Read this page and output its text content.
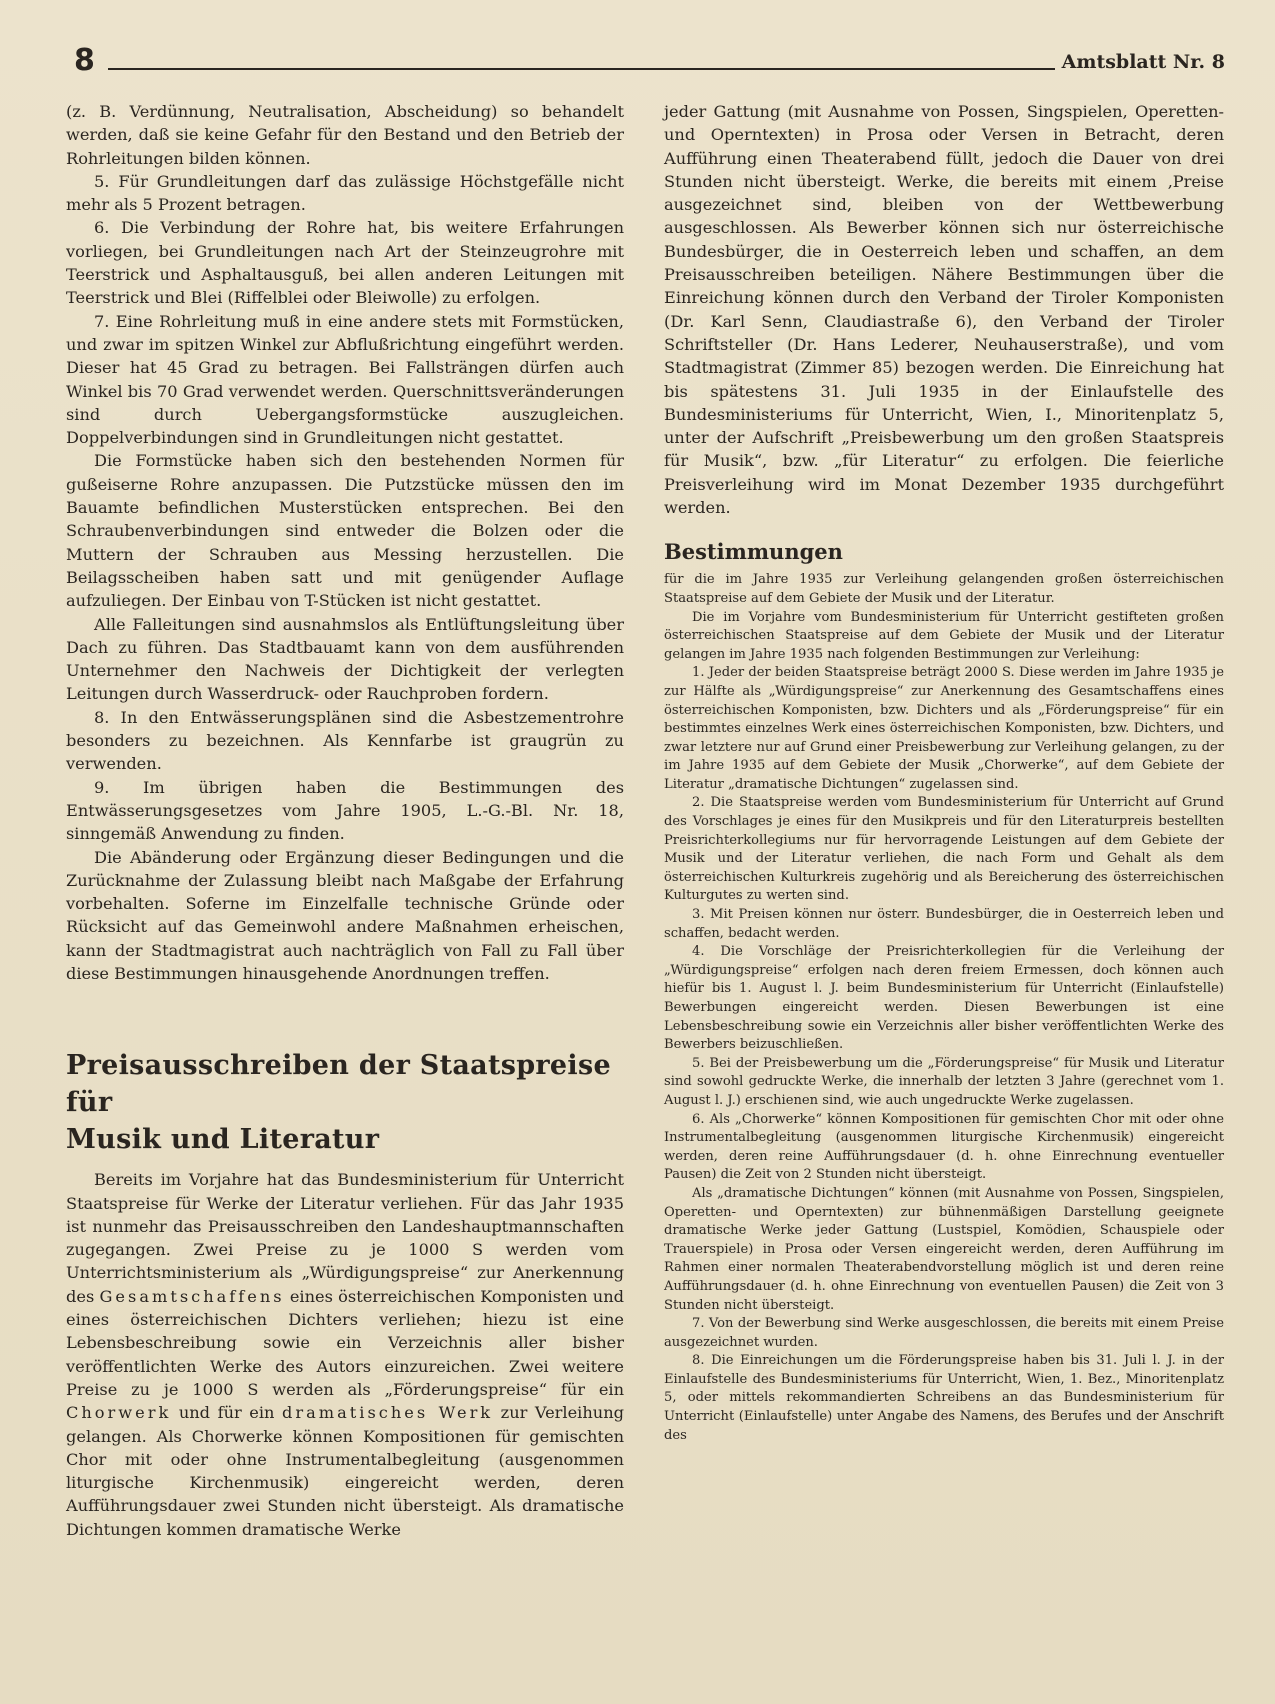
8	Amtsblatt Nr. 8

(z. B. Verdünnung, Neutralisation, Abscheidung) so behandelt werden, daß sie keine Gefahr für den Bestand und den Betrieb der Rohrleitungen bilden können.

5. Für Grundleitungen darf das zulässige Höchstgefälle nicht mehr als 5 Prozent betragen.

6. Die Verbindung der Rohre hat, bis weitere Erfahrungen vorliegen, bei Grundleitungen nach Art der Steinzeugrohre mit Teerstrick und Asphaltausguß, bei allen anderen Leitungen mit Teerstrick und Blei (Riffelblei oder Bleiwolle) zu erfolgen.

7. Eine Rohrleitung muß in eine andere stets mit Formstücken, und zwar im spitzen Winkel zur Abflußrichtung eingeführt werden. Dieser hat 45 Grad zu betragen. Bei Fallsträngen dürfen auch Winkel bis 70 Grad verwendet werden. Querschnittsveränderungen sind durch Uebergangsformstücke auszugleichen. Doppelverbindungen sind in Grundleitungen nicht gestattet.

Die Formstücke haben sich den bestehenden Normen für gußeiserne Rohre anzupassen. Die Putzstücke müssen den im Bauamte befindlichen Musterstücken entsprechen. Bei den Schraubenverbindungen sind entweder die Bolzen oder die Muttern der Schrauben aus Messing herzustellen. Die Beilagsscheiben haben satt und mit genügender Auflage aufzuliegen. Der Einbau von T-Stücken ist nicht gestattet.

Alle Falleitungen sind ausnahmslos als Entlüftungsleitung über Dach zu führen. Das Stadtbauamt kann von dem ausführenden Unternehmer den Nachweis der Dichtigkeit der verlegten Leitungen durch Wasserdruck- oder Rauchproben fordern.

8. In den Entwässerungsplänen sind die Asbestzementrohre besonders zu bezeichnen. Als Kennfarbe ist graugrün zu verwenden.

9. Im übrigen haben die Bestimmungen des Entwässerungsgesetzes vom Jahre 1905, L.-G.-Bl. Nr. 18, sinngemäß Anwendung zu finden.

Die Abänderung oder Ergänzung dieser Bedingungen und die Zurücknahme der Zulassung bleibt nach Maßgabe der Erfahrung vorbehalten. Soferne im Einzelfalle technische Gründe oder Rücksicht auf das Gemeinwohl andere Maßnahmen erheischen, kann der Stadtmagistrat auch nachträglich von Fall zu Fall über diese Bestimmungen hinausgehende Anordnungen treffen.

Preisausschreiben der Staatspreise für
Musik und Literatur

Bereits im Vorjahre hat das Bundesministerium für Unterricht Staatspreise für Werke der Literatur verliehen. Für das Jahr 1935 ist nunmehr das Preisausschreiben den Landeshauptmannschaften zugegangen. Zwei Preise zu je 1000 S werden vom Unterrichtsministerium als „Würdigungspreise“ zur Anerkennung des Gesamtschaffens eines österreichischen Komponisten und eines österreichischen Dichters verliehen; hiezu ist eine Lebensbeschreibung sowie ein Verzeichnis aller bisher veröffentlichten Werke des Autors einzureichen. Zwei weitere Preise zu je 1000 S werden als „Förderungspreise“ für ein Chorwerk und für ein dramatisches Werk zur Verleihung gelangen. Als Chorwerke können Kompositionen für gemischten Chor mit oder ohne Instrumentalbegleitung (ausgenommen liturgische Kirchenmusik) eingereicht werden, deren Aufführungsdauer zwei Stunden nicht übersteigt. Als dramatische Dichtungen kommen dramatische Werke

jeder Gattung (mit Ausnahme von Possen, Singspielen, Operetten- und Operntexten) in Prosa oder Versen in Betracht, deren Aufführung einen Theaterabend füllt, jedoch die Dauer von drei Stunden nicht übersteigt. Werke, die bereits mit einem ‚Preise ausgezeichnet sind, bleiben von der Wettbewerbung ausgeschlossen. Als Bewerber können sich nur österreichische Bundesbürger, die in Oesterreich leben und schaffen, an dem Preisausschreiben beteiligen. Nähere Bestimmungen über die Einreichung können durch den Verband der Tiroler Komponisten (Dr. Karl Senn, Claudiastraße 6), den Verband der Tiroler Schriftsteller (Dr. Hans Lederer, Neuhauserstraße), und vom Stadtmagistrat (Zimmer 85) bezogen werden. Die Einreichung hat bis spätestens 31. Juli 1935 in der Einlaufstelle des Bundesministeriums für Unterricht, Wien, I., Minoritenplatz 5, unter der Aufschrift „Preisbewerbung um den großen Staatspreis für Musik“, bzw. „für Literatur“ zu erfolgen. Die feierliche Preisverleihung wird im Monat Dezember 1935 durchgeführt werden.

Bestimmungen

für die im Jahre 1935 zur Verleihung gelangenden großen österreichischen Staatspreise auf dem Gebiete der Musik und der Literatur.

Die im Vorjahre vom Bundesministerium für Unterricht gestifteten großen österreichischen Staatspreise auf dem Gebiete der Musik und der Literatur gelangen im Jahre 1935 nach folgenden Bestimmungen zur Verleihung:

1. Jeder der beiden Staatspreise beträgt 2000 S. Diese werden im Jahre 1935 je zur Hälfte als „Würdigungspreise“ zur Anerkennung des Gesamtschaffens eines österreichischen Komponisten, bzw. Dichters und als „Förderungspreise“ für ein bestimmtes einzelnes Werk eines österreichischen Komponisten, bzw. Dichters, und zwar letztere nur auf Grund einer Preisbewerbung zur Verleihung gelangen, zu der im Jahre 1935 auf dem Gebiete der Musik „Chorwerke“, auf dem Gebiete der Literatur „dramatische Dichtungen“ zugelassen sind.

2. Die Staatspreise werden vom Bundesministerium für Unterricht auf Grund des Vorschlages je eines für den Musikpreis und für den Literaturpreis bestellten Preisrichterkollegiums nur für hervorragende Leistungen auf dem Gebiete der Musik und der Literatur verliehen, die nach Form und Gehalt als dem österreichischen Kulturkreis zugehörig und als Bereicherung des österreichischen Kulturgutes zu werten sind.

3. Mit Preisen können nur österr. Bundesbürger, die in Oesterreich leben und schaffen, bedacht werden.

4. Die Vorschläge der Preisrichterkollegien für die Verleihung der „Würdigungspreise“ erfolgen nach deren freiem Ermessen, doch können auch hiefür bis 1. August l. J. beim Bundesministerium für Unterricht (Einlaufstelle) Bewerbungen eingereicht werden. Diesen Bewerbungen ist eine Lebensbeschreibung sowie ein Verzeichnis aller bisher veröffentlichten Werke des Bewerbers beizuschließen.

5. Bei der Preisbewerbung um die „Förderungspreise“ für Musik und Literatur sind sowohl gedruckte Werke, die innerhalb der letzten 3 Jahre (gerechnet vom 1. August l. J.) erschienen sind, wie auch ungedruckte Werke zugelassen.

6. Als „Chorwerke“ können Kompositionen für gemischten Chor mit oder ohne Instrumentalbegleitung (ausgenommen liturgische Kirchenmusik) eingereicht werden, deren reine Aufführungsdauer (d. h. ohne Einrechnung eventueller Pausen) die Zeit von 2 Stunden nicht übersteigt.

Als „dramatische Dichtungen“ können (mit Ausnahme von Possen, Singspielen, Operetten- und Operntexten) zur bühnenmäßigen Darstellung geeignete dramatische Werke jeder Gattung (Lustspiel, Komödien, Schauspiele oder Trauerspiele) in Prosa oder Versen eingereicht werden, deren Aufführung im Rahmen einer normalen Theaterabendvorstellung möglich ist und deren reine Aufführungsdauer (d. h. ohne Einrechnung von eventuellen Pausen) die Zeit von 3 Stunden nicht übersteigt.

7. Von der Bewerbung sind Werke ausgeschlossen, die bereits mit einem Preise ausgezeichnet wurden.

8. Die Einreichungen um die Förderungspreise haben bis 31. Juli l. J. in der Einlaufstelle des Bundesministeriums für Unterricht, Wien, 1. Bez., Minoritenplatz 5, oder mittels rekommandierten Schreibens an das Bundesministerium für Unterricht (Einlaufstelle) unter Angabe des Namens, des Berufes und der Anschrift des
